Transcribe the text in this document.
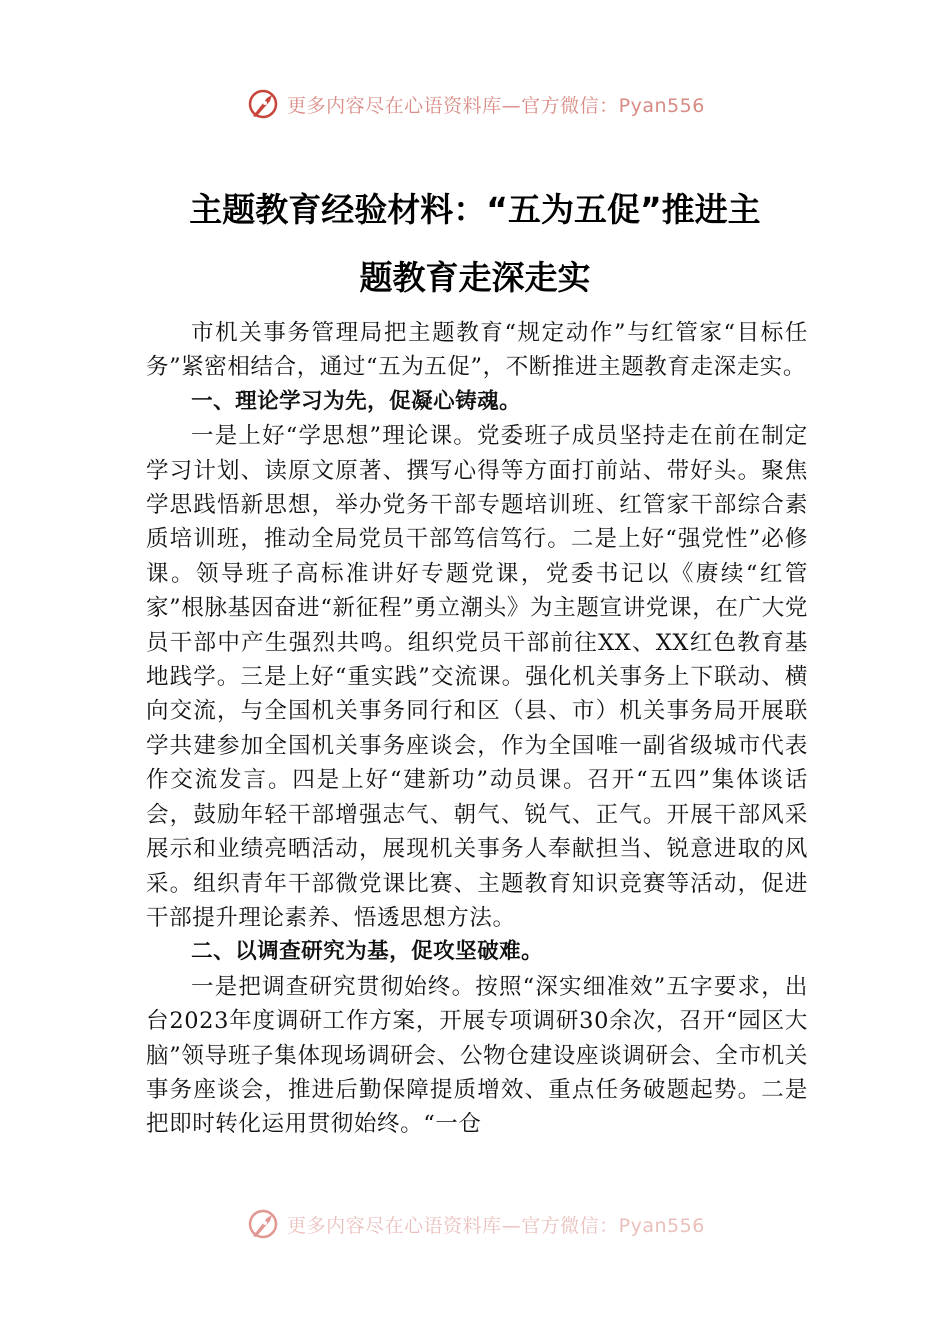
更多内容尽在心语资料库—官方微信：Pyan556
主题教育经验材料：“五为五促”推进主
题教育走深走实

市机关事务管理局把主题教育“规定动作”与红管家“目标任务”紧密相结合，通过“五为五促”，不断推进主题教育走深走实。

一、理论学习为先，促凝心铸魂。

一是上好“学思想”理论课。党委班子成员坚持走在前在制定学习计划、读原文原著、撰写心得等方面打前站、带好头。聚焦学思践悟新思想，举办党务干部专题培训班、红管家干部综合素质培训班，推动全局党员干部笃信笃行。二是上好“强党性”必修课。领导班子高标准讲好专题党课，党委书记以《赓续“红管家”根脉基因奋进“新征程”勇立潮头》为主题宣讲党课，在广大党员干部中产生强烈共鸣。组织党员干部前往XX、XX红色教育基地践学。三是上好“重实践”交流课。强化机关事务上下联动、横向交流，与全国机关事务同行和区（县、市）机关事务局开展联学共建参加全国机关事务座谈会，作为全国唯一副省级城市代表作交流发言。四是上好“建新功”动员课。召开“五四”集体谈话会，鼓励年轻干部增强志气、朝气、锐气、正气。开展干部风采展示和业绩亮晒活动，展现机关事务人奉献担当、锐意进取的风采。组织青年干部微党课比赛、主题教育知识竞赛等活动，促进干部提升理论素养、悟透思想方法。

二、以调查研究为基，促攻坚破难。

一是把调查研究贯彻始终。按照“深实细准效”五字要求，出台2023年度调研工作方案，开展专项调研30余次，召开“园区大脑”领导班子集体现场调研会、公物仓建设座谈调研会、全市机关事务座谈会，推进后勤保障提质增效、重点任务破题起势。二是把即时转化运用贯彻始终。“一仓

更多内容尽在心语资料库—官方微信：Pyan556
